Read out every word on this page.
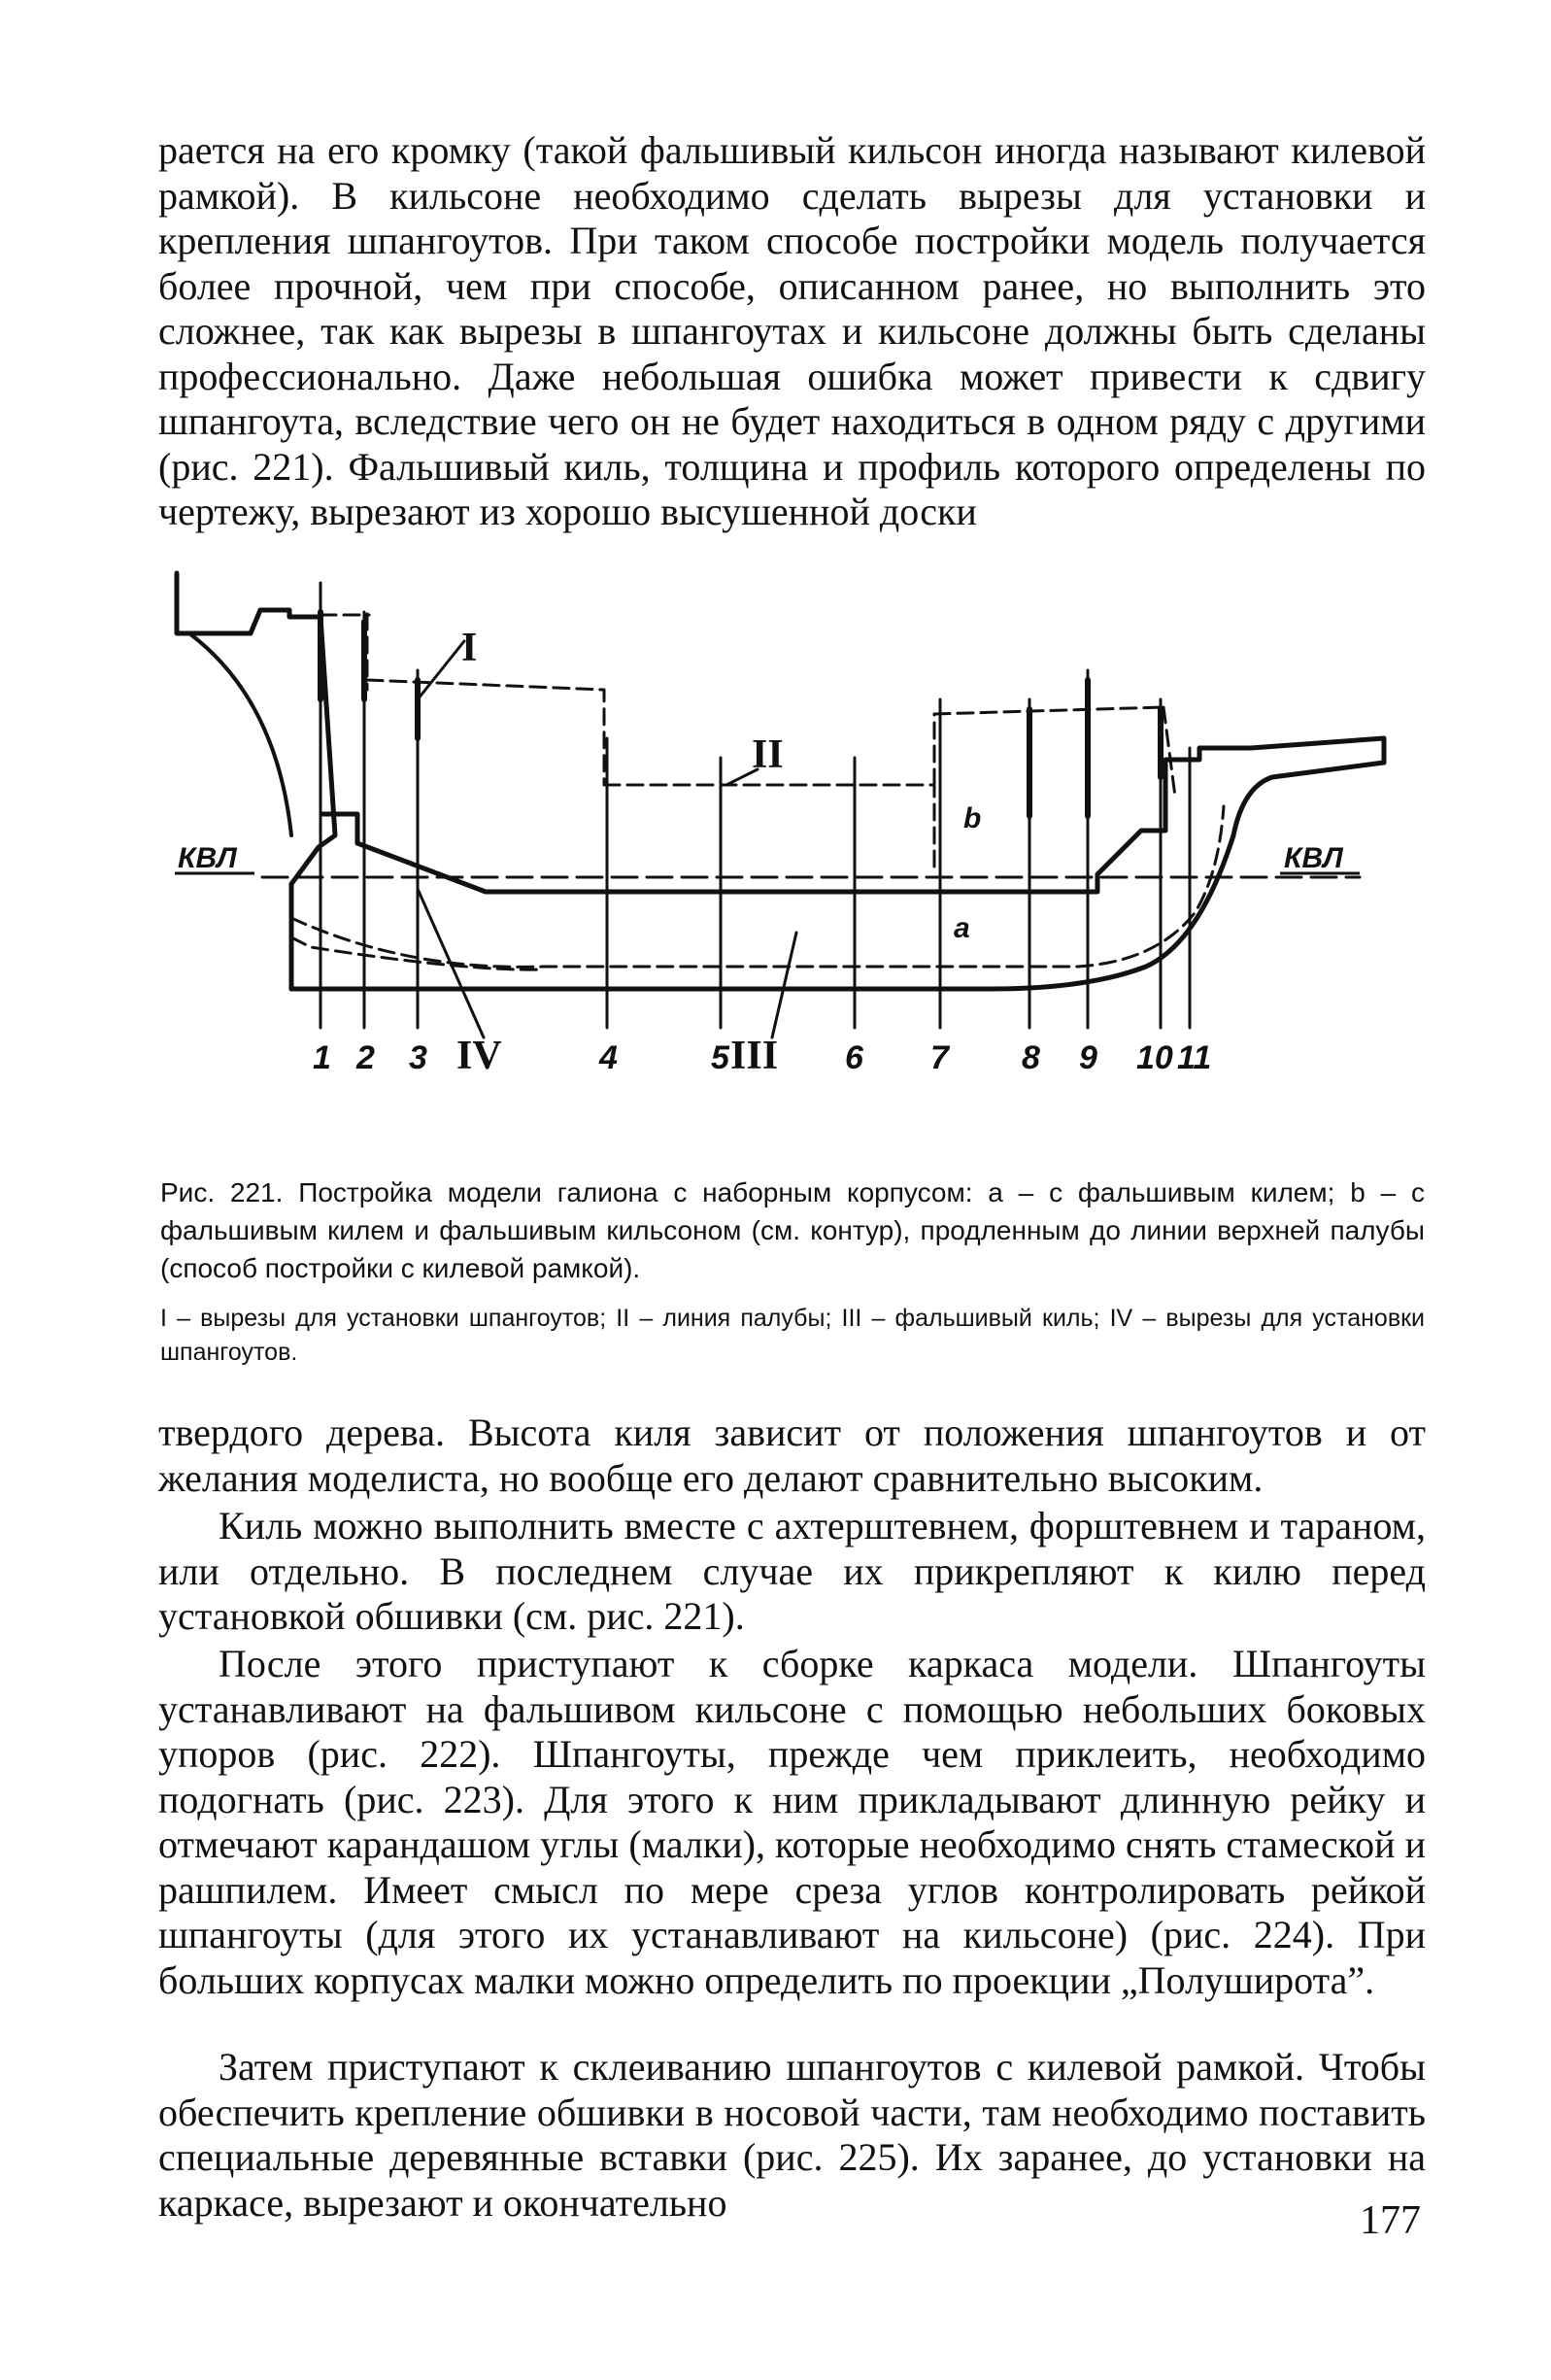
рается на его кромку (такой фальшивый кильсон иногда называют килевой рамкой). В кильсоне необходимо сделать вырезы для установки и крепления шпангоутов. При таком способе постройки модель получается более прочной, чем при способе, описанном ранее, но выполнить это сложнее, так как вырезы в шпангоутах и кильсоне должны быть сделаны профессионально. Даже небольшая ошибка может привести к сдвигу шпангоута, вследствие чего он не будет находиться в одном ряду с другими (рис. 221). Фальшивый киль, толщина и профиль которого определены по чертежу, вырезают из хорошо высушенной доски

КВЛ	КВЛ
a
b
I
II
III
IV
1 2 3	4	5	6 7 8 9 10 11

Рис. 221. Постройка модели галиона с наборным корпусом: a – с фальшивым килем; b – с фальшивым килем и фальшивым кильсоном (см. контур), продленным до линии верхней палубы (способ постройки с килевой рамкой).

I – вырезы для установки шпангоутов; II – линия палубы; III – фальшивый киль; IV – вырезы для установки шпангоутов.

твердого дерева. Высота киля зависит от положения шпангоутов и от желания моделиста, но вообще его делают сравнительно высоким.

Киль можно выполнить вместе с ахтерштевнем, форштевнем и тараном, или отдельно. В последнем случае их прикрепляют к килю перед установкой обшивки (см. рис. 221).

После этого приступают к сборке каркаса модели. Шпангоуты устанавливают на фальшивом кильсоне с помощью небольших боковых упоров (рис. 222). Шпангоуты, прежде чем приклеить, необходимо подогнать (рис. 223). Для этого к ним прикладывают длинную рейку и отмечают карандашом углы (малки), которые необходимо снять стамеской и рашпилем. Имеет смысл по мере среза углов контролировать рейкой шпангоуты (для этого их устанавливают на кильсоне) (рис. 224). При больших корпусах малки можно определить по проекции „Полуширота”.

Затем приступают к склеиванию шпангоутов с килевой рамкой. Чтобы обеспечить крепление обшивки в носовой части, там необходимо поставить специальные деревянные вставки (рис. 225). Их заранее, до установки на каркасе, вырезают и окончательно	177
